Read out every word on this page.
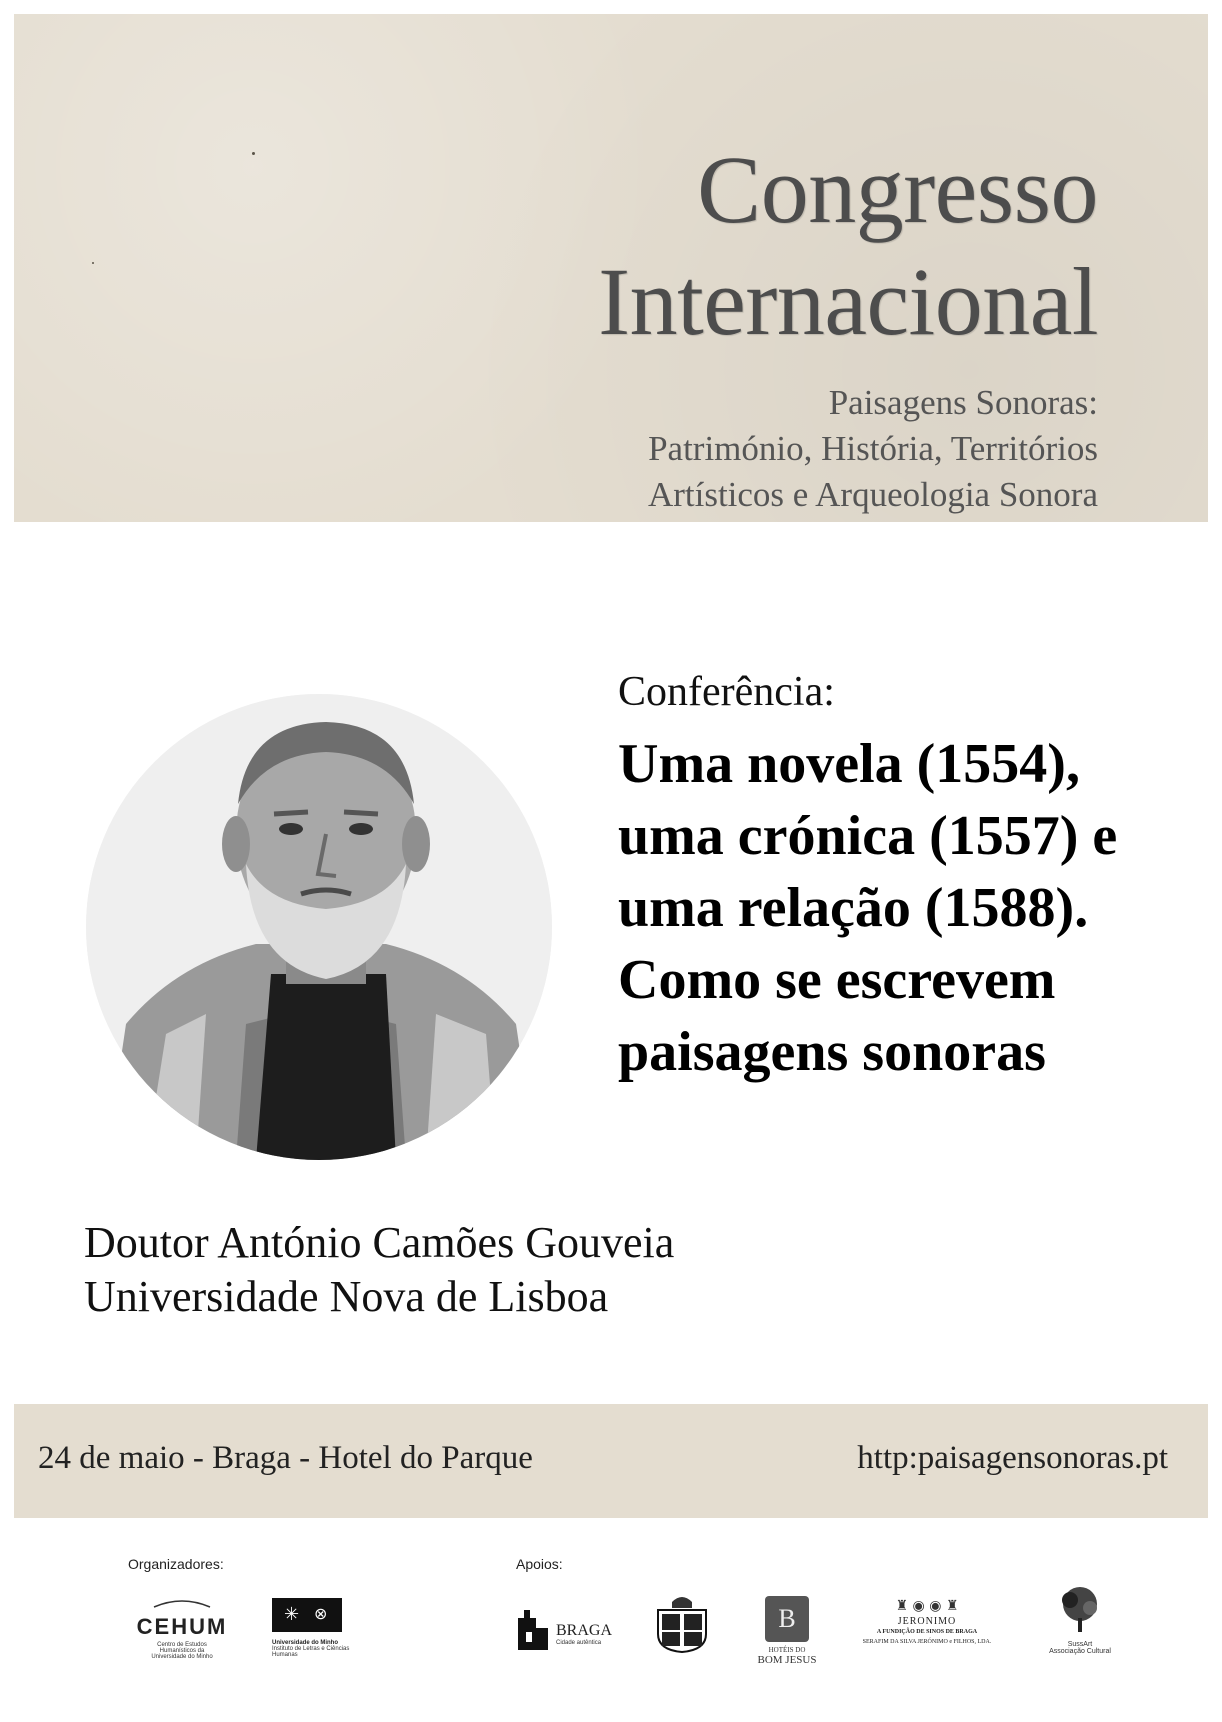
Congresso
Internacional
Paisagens Sonoras:
Património, História, Territórios
Artísticos e Arqueologia Sonora
Conferência:
Uma novela (1554),
uma crónica (1557) e
uma relação (1588).
Como se escrevem
paisagens sonoras
Doutor António Camões Gouveia
Universidade Nova de Lisboa
24 de maio - Braga - Hotel do Parque	http:paisagensonoras.pt
Organizadores:
CEHUM
Centro de Estudos Humanísticos da Universidade do Minho
✳ ⊗
Universidade do Minho
Instituto de Letras e Ciências Humanas
Apoios:
BRAGA
Cidade autêntica
B
HOTÉIS DO
BOM JESUS
♜ ◉ ◉ ♜
JERONIMO
A FUNDIÇÃO DE SINOS DE BRAGA
SERAFIM DA SILVA JERÓNIMO e FILHOS, LDA.	SussArt
Associação Cultural
